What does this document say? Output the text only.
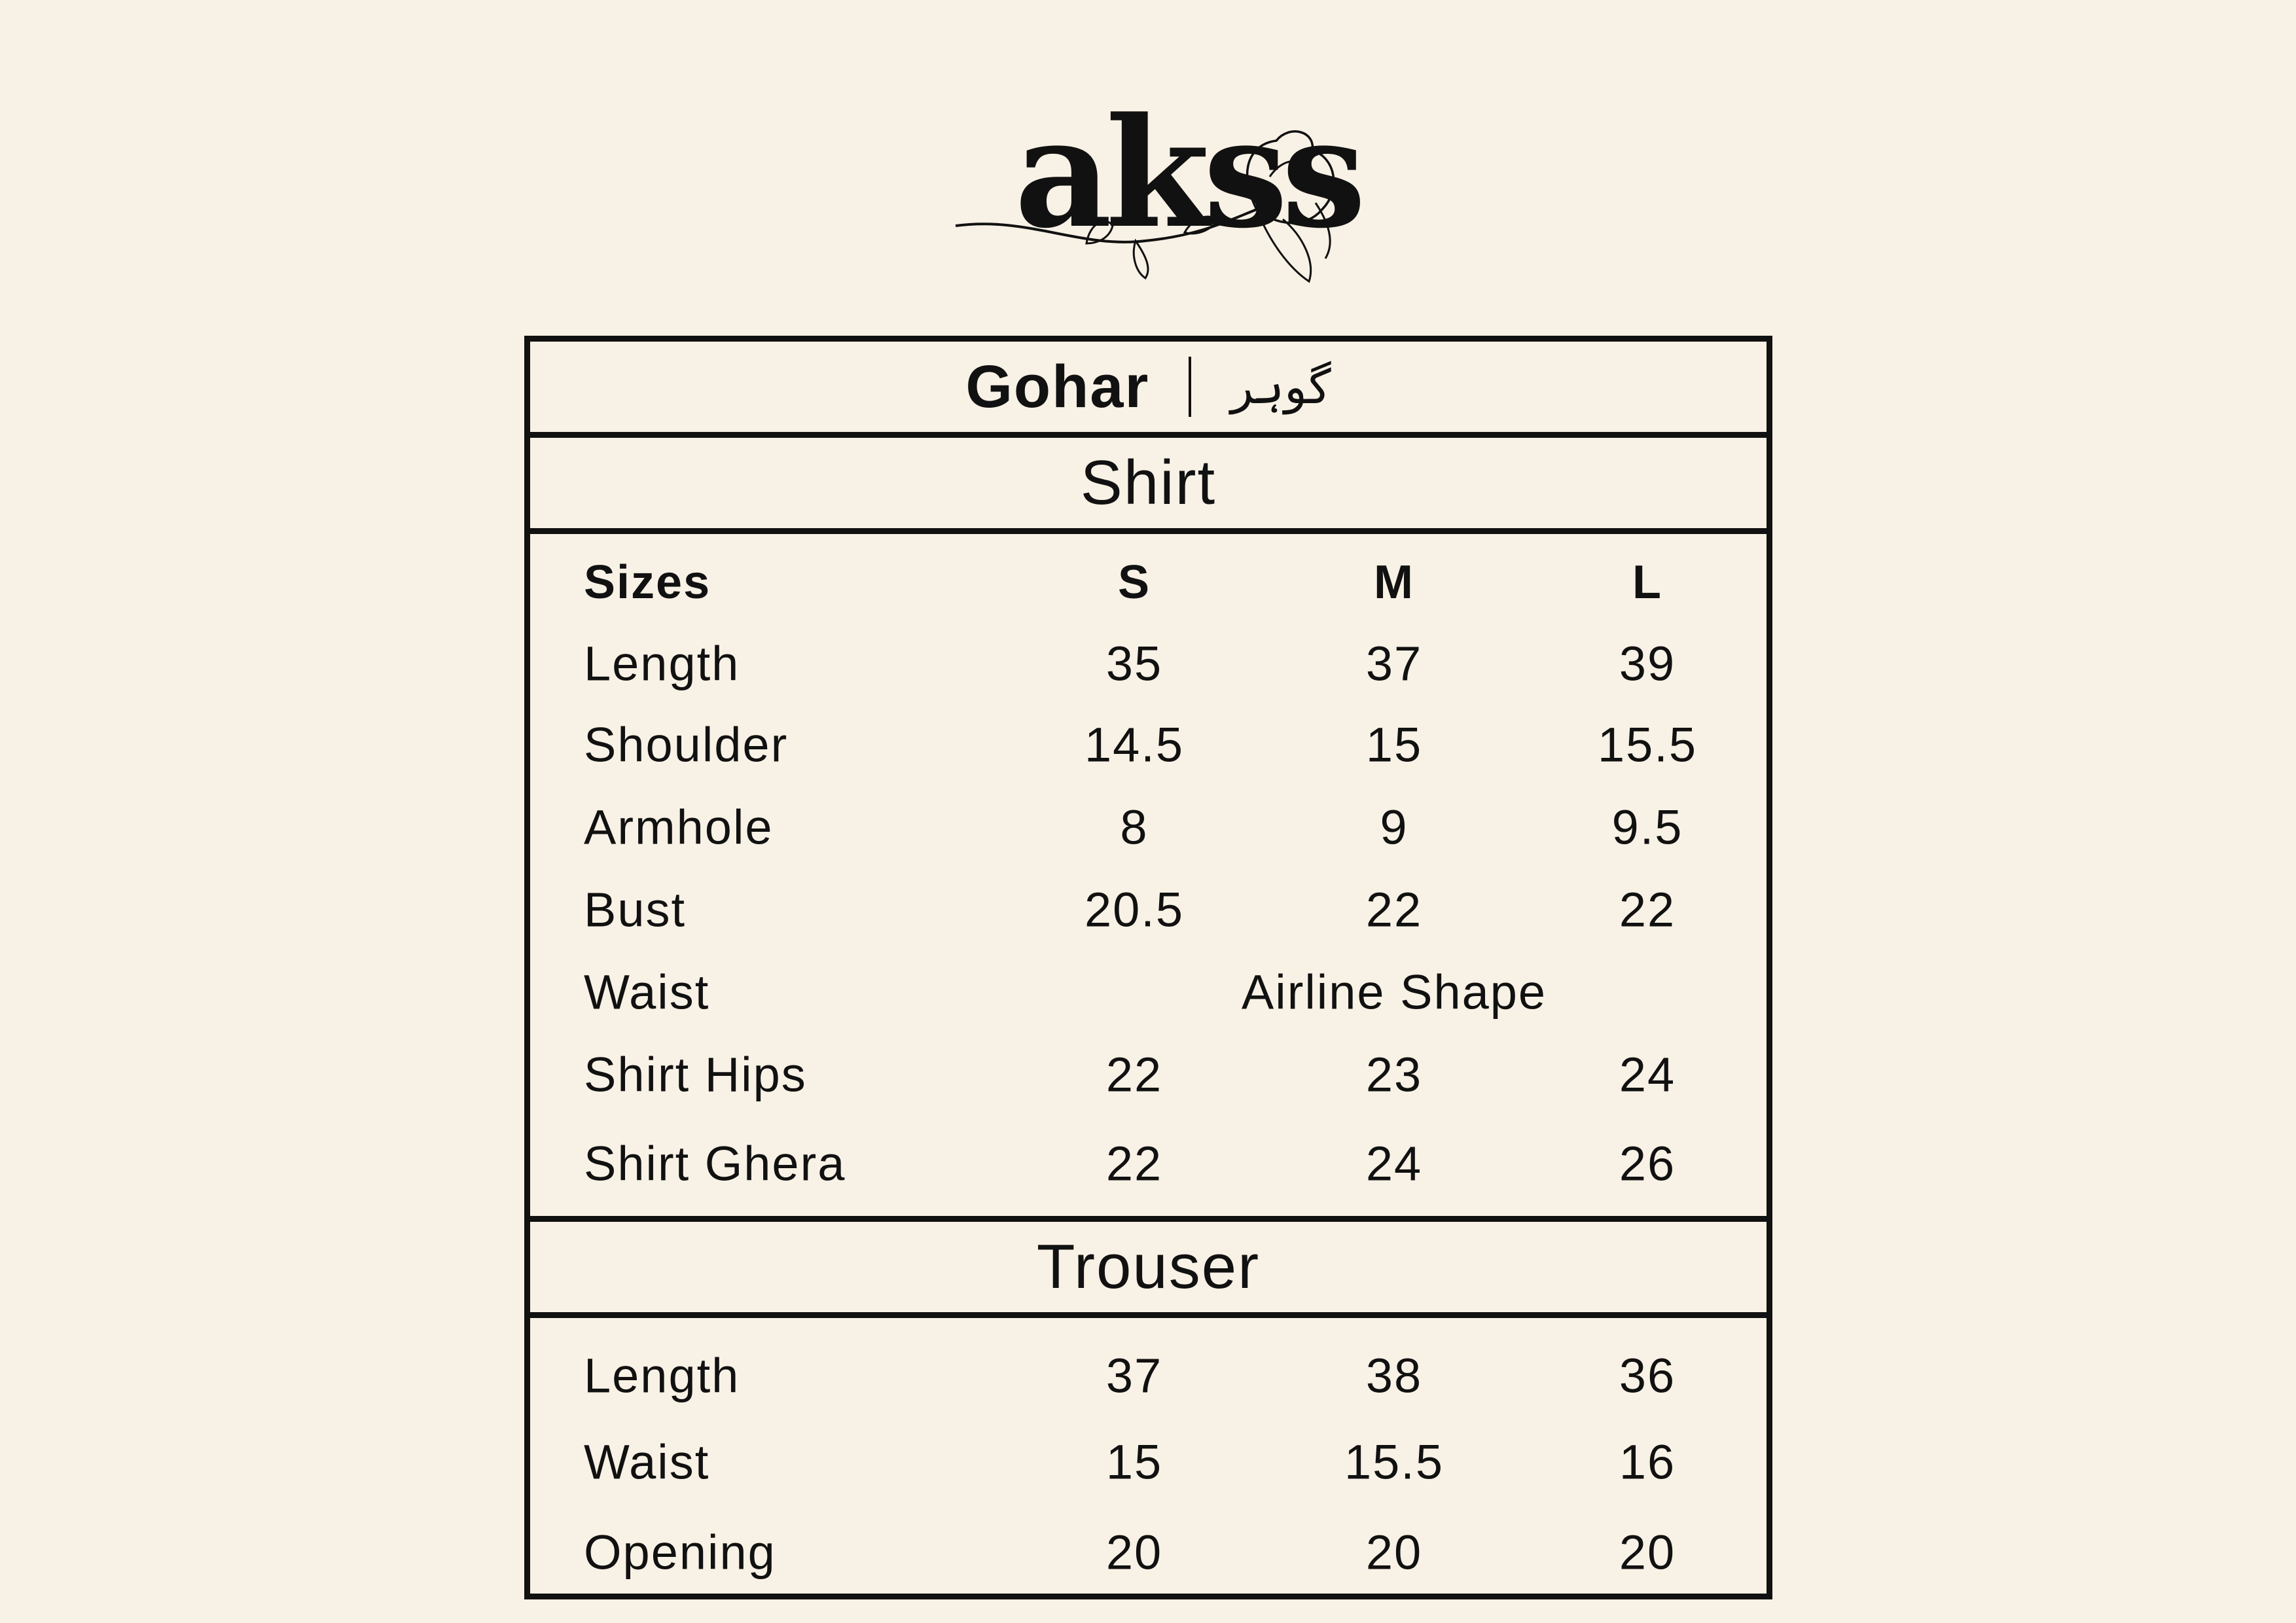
akss
Gohar گوہر
Shirt
Sizes	S	M	L
Length	35	37	39
Shoulder	14.5	15	15.5
Armhole	8	9	9.5
Bust	20.5	22	22
Waist	Airline Shape
Shirt Hips	22	23	24
Shirt Ghera	22	24	26
Trouser
Length	37	38	36
Waist	15	15.5	16
Opening	20	20	20
